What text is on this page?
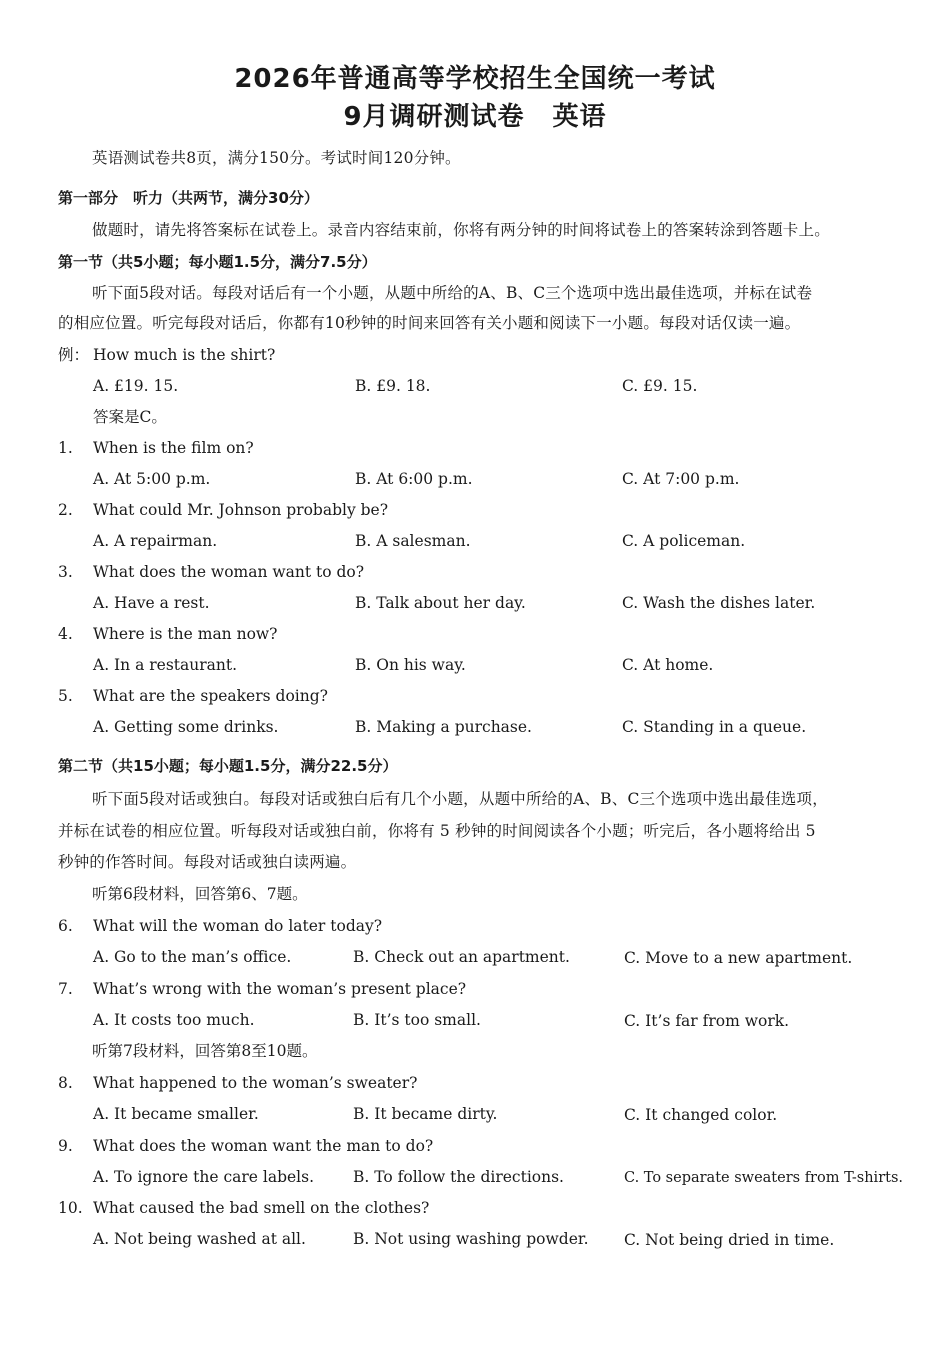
2026年普通高等学校招生全国统一考试
9月调研测试卷 英语
英语测试卷共8页，满分150分。考试时间120分钟。
第一部分　听力（共两节，满分30分）
做题时，请先将答案标在试卷上。录音内容结束前，你将有两分钟的时间将试卷上的答案转涂到答题卡上。
第一节（共5小题；每小题1.5分，满分7.5分）
听下面5段对话。每段对话后有一个小题，从题中所给的A、B、C三个选项中选出最佳选项，并标在试卷
的相应位置。听完每段对话后，你都有10秒钟的时间来回答有关小题和阅读下一小题。每段对话仅读一遍。
例： How much is the shirt?
A. £19. 15.	B. £9. 18.	C. £9. 15.
答案是C。
1. When is the film on?
A. At 5:00 p.m.	B. At 6:00 p.m.	C. At 7:00 p.m.
2. What could Mr. Johnson probably be?
A. A repairman.	B. A salesman.	C. A policeman.
3. What does the woman want to do?
A. Have a rest.	B. Talk about her day.	C. Wash the dishes later.
4. Where is the man now?
A. In a restaurant.	B. On his way.	C. At home.
5. What are the speakers doing?
A. Getting some drinks.	B. Making a purchase.	C. Standing in a queue.
第二节（共15小题；每小题1.5分，满分22.5分）
听下面5段对话或独白。每段对话或独白后有几个小题，从题中所给的A、B、C三个选项中选出最佳选项，
并标在试卷的相应位置。听每段对话或独白前，你将有 5 秒钟的时间阅读各个小题；听完后，各小题将给出 5
秒钟的作答时间。每段对话或独白读两遍。
听第6段材料，回答第6、7题。
6. What will the woman do later today?
A. Go to the man’s office.	B. Check out an apartment.	C. Move to a new apartment.
7. What’s wrong with the woman’s present place?
A. It costs too much.	B. It’s too small.	C. It’s far from work.
听第7段材料，回答第8至10题。
8. What happened to the woman’s sweater?
A. It became smaller.	B. It became dirty.	C. It changed color.
9. What does the woman want the man to do?
A. To ignore the care labels.	B. To follow the directions.	C. To separate sweaters from T-shirts.
10. What caused the bad smell on the clothes?
A. Not being washed at all.	B. Not using washing powder. C. Not being dried in time.
